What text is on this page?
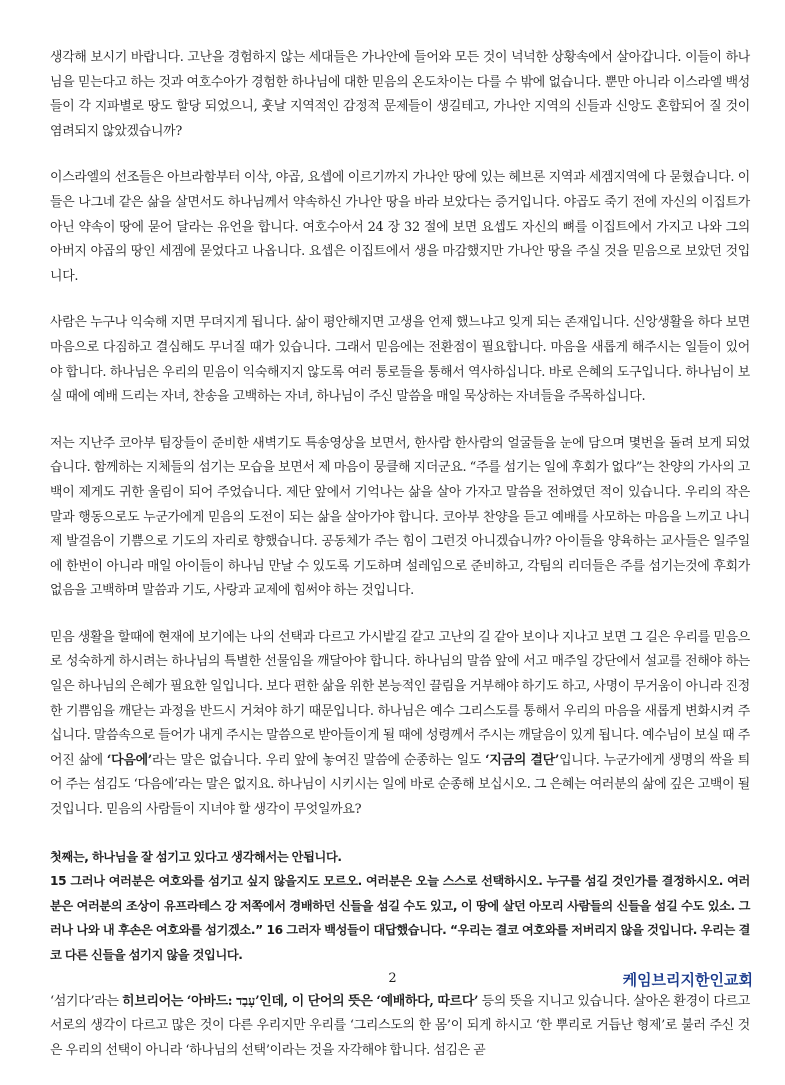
생각해 보시기 바랍니다. 고난을 경험하지 않는 세대들은 가나안에 들어와 모든 것이 넉넉한 상황속에서 살아갑니다. 이들이 하나님을 믿는다고 하는 것과 여호수아가 경험한 하나님에 대한 믿음의 온도차이는 다를 수 밖에 없습니다. 뿐만 아니라 이스라엘 백성들이 각 지파별로 땅도 할당 되었으니, 훗날 지역적인 감정적 문제들이 생길테고, 가나안 지역의 신들과 신앙도 혼합되어 질 것이 염려되지 않았겠습니까?

이스라엘의 선조들은 아브라함부터 이삭, 야곱, 요셉에 이르기까지 가나안 땅에 있는 헤브론 지역과 세겜지역에 다 묻혔습니다. 이들은 나그네 같은 삶을 살면서도 하나님께서 약속하신 가나안 땅을 바라 보았다는 증거입니다. 야곱도 죽기 전에 자신의 이집트가 아닌 약속이 땅에 묻어 달라는 유언을 합니다. 여호수아서 24 장 32 절에 보면 요셉도 자신의 뼈를 이집트에서 가지고 나와 그의 아버지 야곱의 땅인 세겜에 묻었다고 나옵니다. 요셉은 이집트에서 생을 마감했지만 가나안 땅을 주실 것을 믿음으로 보았던 것입니다.

사람은 누구나 익숙해 지면 무뎌지게 됩니다. 삶이 평안해지면 고생을 언제 했느냐고 잊게 되는 존재입니다. 신앙생활을 하다 보면 마음으로 다짐하고 결심해도 무너질 때가 있습니다. 그래서 믿음에는 전환점이 필요합니다. 마음을 새롭게 해주시는 일들이 있어야 합니다. 하나님은 우리의 믿음이 익숙해지지 않도록 여러 통로들을 통해서 역사하십니다. 바로 은혜의 도구입니다. 하나님이 보실 때에 예배 드리는 자녀, 찬송을 고백하는 자녀, 하나님이 주신 말씀을 매일 묵상하는 자녀들을 주목하십니다.

저는 지난주 코아부 팀장들이 준비한 새벽기도 특송영상을 보면서, 한사람 한사람의 얼굴들을 눈에 담으며 몇번을 돌려 보게 되었습니다. 함께하는 지체들의 섬기는 모습을 보면서 제 마음이 뭉클해 지더군요. “주를 섬기는 일에 후회가 없다”는 찬양의 가사의 고백이 제게도 귀한 울림이 되어 주었습니다. 제단 앞에서 기억나는 삶을 살아 가자고 말씀을 전하였던 적이 있습니다. 우리의 작은 말과 행동으로도 누군가에게 믿음의 도전이 되는 삶을 살아가야 합니다. 코아부 찬양을 듣고 예배를 사모하는 마음을 느끼고 나니 제 발걸음이 기쁨으로 기도의 자리로 향했습니다. 공동체가 주는 힘이 그런것 아니겠습니까? 아이들을 양육하는 교사들은 일주일에 한번이 아니라 매일 아이들이 하나님 만날 수 있도록 기도하며 설레임으로 준비하고, 각팀의 리더들은 주를 섬기는것에 후회가 없음을 고백하며 말씀과 기도, 사랑과 교제에 힘써야 하는 것입니다.

믿음 생활을 할때에 현재에 보기에는 나의 선택과 다르고 가시밭길 같고 고난의 길 같아 보이나 지나고 보면 그 길은 우리를 믿음으로 성숙하게 하시려는 하나님의 특별한 선물임을 깨달아야 합니다. 하나님의 말씀 앞에 서고 매주일 강단에서 설교를 전해야 하는 일은 하나님의 은혜가 필요한 일입니다. 보다 편한 삶을 위한 본능적인 끌림을 거부해야 하기도 하고, 사명이 무거움이 아니라 진정한 기쁨임을 깨닫는 과정을 반드시 거쳐야 하기 때문입니다. 하나님은 예수 그리스도를 통해서 우리의 마음을 새롭게 변화시켜 주십니다. 말씀속으로 들어가 내게 주시는 말씀으로 받아들이게 될 때에 성령께서 주시는 깨달음이 있게 됩니다. 예수님이 보실 때 주어진 삶에 ‘다음에’라는 말은 없습니다. 우리 앞에 놓여진 말씀에 순종하는 일도 ‘지금의 결단’입니다. 누군가에게 생명의 싹을 틔어 주는 섬김도 ‘다음에’라는 말은 없지요. 하나님이 시키시는 일에 바로 순종해 보십시오. 그 은혜는 여러분의 삶에 깊은 고백이 될 것입니다. 믿음의 사람들이 지녀야 할 생각이 무엇일까요?

첫째는, 하나님을 잘 섬기고 있다고 생각해서는 안됩니다.
15 그러나 여러분은 여호와를 섬기고 싶지 않을지도 모르오. 여러분은 오늘 스스로 선택하시오. 누구를 섬길 것인가를 결정하시오. 여러분은 여러분의 조상이 유프라테스 강 저쪽에서 경배하던 신들을 섬길 수도 있고, 이 땅에 살던 아모리 사람들의 신들을 섬길 수도 있소. 그러나 나와 내 후손은 여호와를 섬기겠소.” 16 그러자 백성들이 대답했습니다. “우리는 결코 여호와를 저버리지 않을 것입니다. 우리는 결코 다른 신들을 섬기지 않을 것입니다.

‘섬기다’라는 히브리어는 ‘아바드: עָבַד’인데, 이 단어의 뜻은 ‘예배하다, 따르다’ 등의 뜻을 지니고 있습니다. 살아온 환경이 다르고 서로의 생각이 다르고 많은 것이 다른 우리지만 우리를 ‘그리스도의 한 몸’이 되게 하시고 ‘한 뿌리로 거듭난 형제’로 불러 주신 것은 우리의 선택이 아니라 ‘하나님의 선택’이라는 것을 자각해야 합니다. 섬김은 곧

2	케임브리지한인교회
